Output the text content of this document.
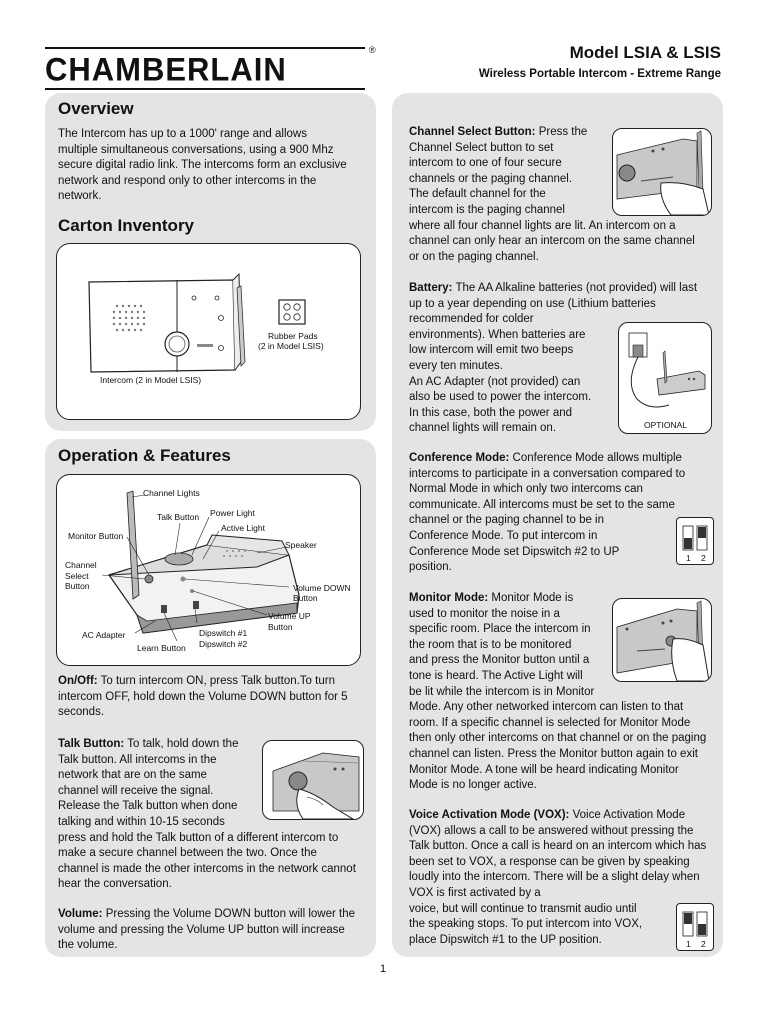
CHAMBERLAIN
®	Model LSIA & LSIS
Wireless Portable Intercom - Extreme Range
Overview

The Intercom has up to a 1000' range and allows multiple simultaneous conversations, using a 900 Mhz secure digital radio link. The intercoms form an exclusive network and respond only to other intercoms in the network.

Carton Inventory
Rubber Pads
(2 in Model LSIS)
Intercom (2 in Model LSIS)
Operation & Features
Channel Lights
Power Light
Talk Button
Active Light
Monitor Button
Speaker
Channel
Select
Button	Volume DOWN
Button
Volume UP
Button
AC Adapter	Dipswitch #1
Dipswitch #2
Learn Button

On/Off: To turn intercom ON, press Talk button.To turn intercom OFF, hold down the Volume DOWN button for 5 seconds.

Talk Button: To talk, hold down the
Talk button. All intercoms in the
network that are on the same
channel will receive the signal.
Release the Talk button when done
talking and within 10-15 seconds
press and hold the Talk button of a different intercom to make a secure channel between the two. Once the channel is made the other intercoms in the network cannot hear the conversation.

Volume: Pressing the Volume DOWN button will lower the volume and pressing the Volume UP button will increase the volume.

Channel Select Button: Press the
Channel Select button to set
intercom to one of four secure
channels or the paging channel.
The default channel for the
intercom is the paging channel
where all four channel lights are lit. An intercom on a channel can only hear an intercom on the same channel or on the paging channel.
OPTIONAL
Battery: The AA Alkaline batteries (not provided) will last up to a year depending on use (Lithium batteries
recommended for colder
environments). When batteries are
low intercom will emit two beeps
every ten minutes.
An AC Adapter (not provided) can
also be used to power the intercom.
In this case, both the power and
channel lights will remain on.
1 2
Conference Mode: Conference Mode allows multiple intercoms to participate in a conversation compared to Normal Mode in which only two intercoms can communicate. All intercoms must be set to the same
channel or the paging channel to be in
Conference Mode. To put intercom in
Conference Mode set Dipswitch #2 to UP
position.
Monitor Mode: Monitor Mode is
used to monitor the noise in a
specific room. Place the intercom in
the room that is to be monitored
and press the Monitor button until a
tone is heard. The Active Light will
be lit while the intercom is in Monitor
Mode. Any other networked intercom can listen to that room. If a specific channel is selected for Monitor Mode then only other intercoms on that channel or on the paging channel can listen. Press the Monitor button again to exit Monitor Mode. A tone will be heard indicating Monitor Mode is no longer active.
1 2
Voice Activation Mode (VOX): Voice Activation Mode (VOX) allows a call to be answered without pressing the Talk button. Once a call is heard on an intercom which has been set to VOX, a response can be given by speaking loudly into the intercom. There will be a slight delay when VOX is first activated by a
voice, but will continue to transmit audio until
the speaking stops. To put intercom into VOX,
place Dipswitch #1 to the UP position.
1
